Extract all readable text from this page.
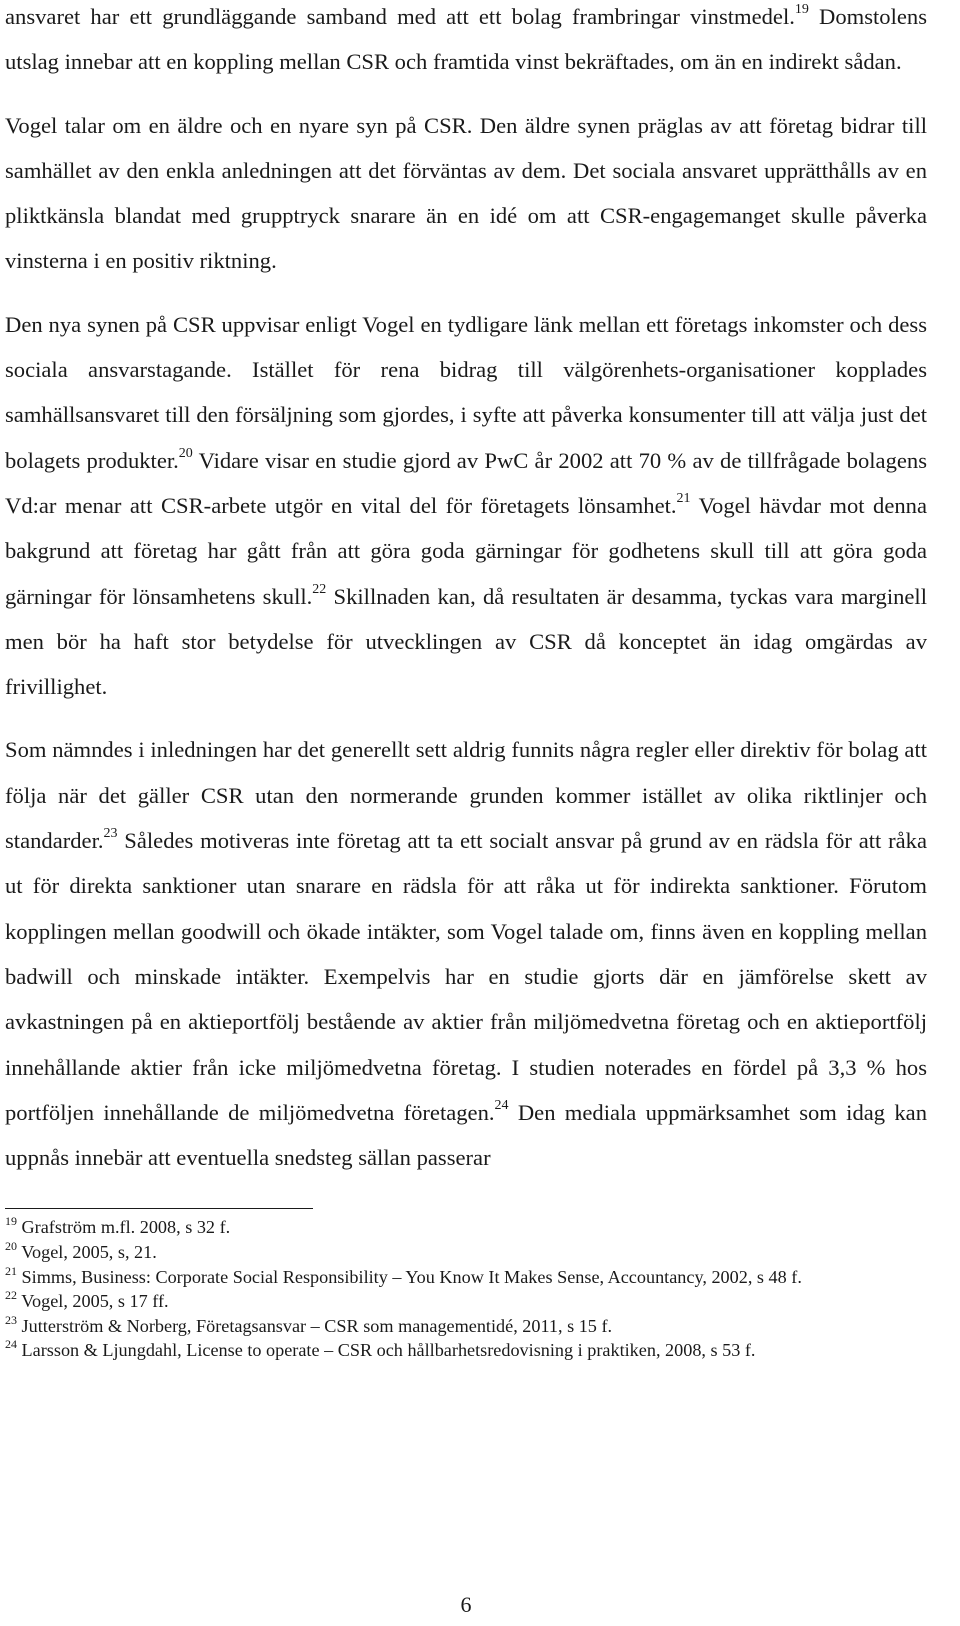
ansvaret har ett grundläggande samband med att ett bolag frambringar vinstmedel.$^{19}$ Domstolens utslag innebar att en koppling mellan CSR och framtida vinst bekräftades, om än en indirekt sådan.

Vogel talar om en äldre och en nyare syn på CSR. Den äldre synen präglas av att företag bidrar till samhället av den enkla anledningen att det förväntas av dem. Det sociala ansvaret upprätthålls av en pliktkänsla blandat med grupptryck snarare än en idé om att CSR-engagemanget skulle påverka vinsterna i en positiv riktning.

Den nya synen på CSR uppvisar enligt Vogel en tydligare länk mellan ett företags inkomster och dess sociala ansvarstagande. Istället för rena bidrag till välgörenhets-organisationer kopplades samhällsansvaret till den försäljning som gjordes, i syfte att påverka konsumenter till att välja just det bolagets produkter.$^{20}$ Vidare visar en studie gjord av PwC år 2002 att 70 % av de tillfrågade bolagens Vd:ar menar att CSR-arbete utgör en vital del för företagets lönsamhet.$^{21}$ Vogel hävdar mot denna bakgrund att företag har gått från att göra goda gärningar för godhetens skull till att göra goda gärningar för lönsamhetens skull.$^{22}$ Skillnaden kan, då resultaten är desamma, tyckas vara marginell men bör ha haft stor betydelse för utvecklingen av CSR då konceptet än idag omgärdas av frivillighet.

Som nämndes i inledningen har det generellt sett aldrig funnits några regler eller direktiv för bolag att följa när det gäller CSR utan den normerande grunden kommer istället av olika riktlinjer och standarder.$^{23}$ Således motiveras inte företag att ta ett socialt ansvar på grund av en rädsla för att råka ut för direkta sanktioner utan snarare en rädsla för att råka ut för indirekta sanktioner. Förutom kopplingen mellan goodwill och ökade intäkter, som Vogel talade om, finns även en koppling mellan badwill och minskade intäkter. Exempelvis har en studie gjorts där en jämförelse skett av avkastningen på en aktieportfölj bestående av aktier från miljömedvetna företag och en aktieportfölj innehållande aktier från icke miljömedvetna företag. I studien noterades en fördel på 3,3 % hos portföljen innehållande de miljömedvetna företagen.$^{24}$ Den mediala uppmärksamhet som idag kan uppnås innebär att eventuella snedsteg sällan passerar

$^{19}$ Grafström m.fl. 2008, s 32 f.

$^{20}$ Vogel, 2005, s, 21.

$^{21}$ Simms, Business: Corporate Social Responsibility – You Know It Makes Sense, Accountancy, 2002, s 48 f.

$^{22}$ Vogel, 2005, s 17 ff.

$^{23}$ Jutterström & Norberg, Företagsansvar – CSR som managementidé, 2011, s 15 f.

$^{24}$ Larsson & Ljungdahl, License to operate – CSR och hållbarhetsredovisning i praktiken, 2008, s 53 f.

6
